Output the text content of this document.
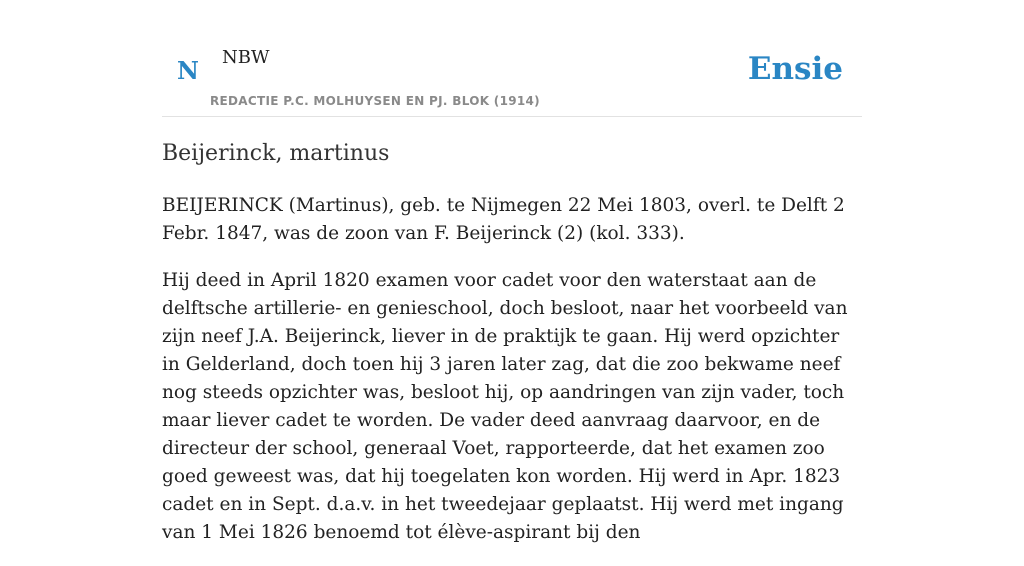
N NBW
REDACTIE P.C. MOLHUYSEN EN PJ. BLOK (1914)
Ensie
Beijerinck, martinus

BEIJERINCK (Martinus), geb. te Nijmegen 22 Mei 1803, overl. te Delft 2 Febr. 1847, was de zoon van F. Beijerinck (2) (kol. 333).

Hij deed in April 1820 examen voor cadet voor den waterstaat aan de delftsche artillerie- en genieschool, doch besloot, naar het voorbeeld van zijn neef J.A. Beijerinck, liever in de praktijk te gaan. Hij werd opzichter in Gelderland, doch toen hij 3 jaren later zag, dat die zoo bekwame neef nog steeds opzichter was, besloot hij, op aandringen van zijn vader, toch maar liever cadet te worden. De vader deed aanvraag daarvoor, en de directeur der school, generaal Voet, rapporteerde, dat het examen zoo goed geweest was, dat hij toegelaten kon worden. Hij werd in Apr. 1823 cadet en in Sept. d.a.v. in het tweedejaar geplaatst. Hij werd met ingang van 1 Mei 1826 benoemd tot élève-aspirant bij den
